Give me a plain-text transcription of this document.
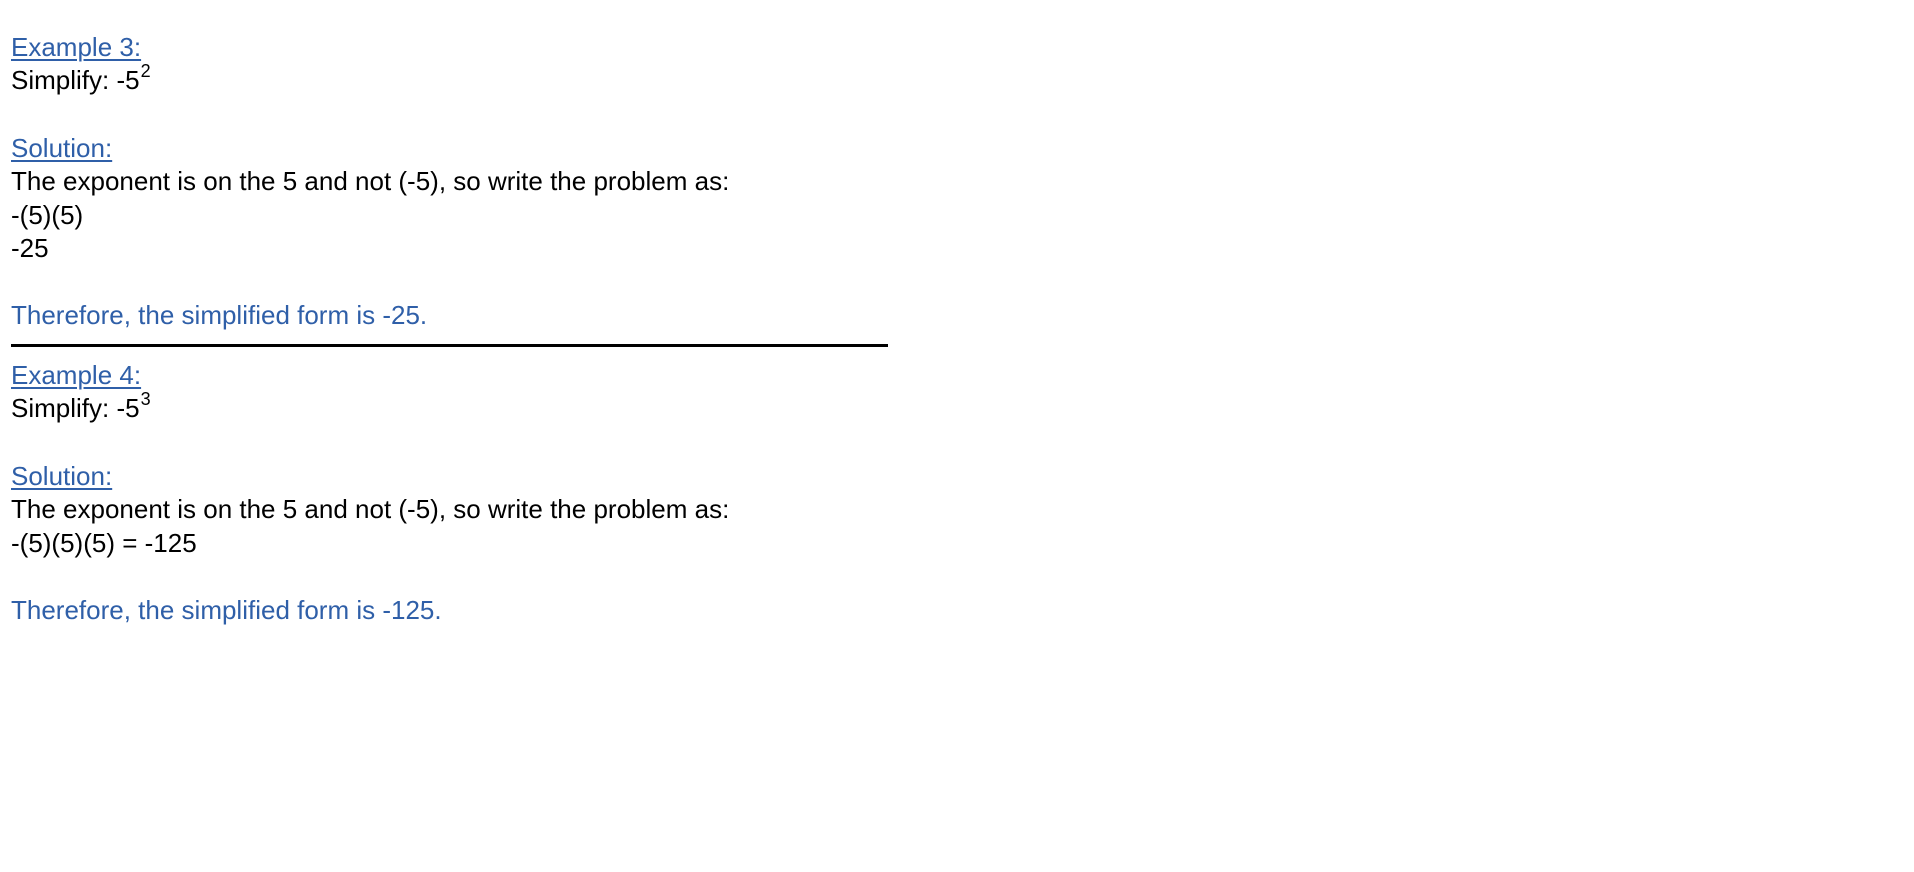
Example 3:
Simplify: $-5^2$
Solution:
The exponent is on the 5 and not (-5), so write the problem as:
-(5)(5)
-25
Therefore, the simplified form is -25.
Example 4:
Simplify: $-5^3$
Solution:
The exponent is on the 5 and not (-5), so write the problem as:
-(5)(5)(5) = -125
Therefore, the simplified form is -125.
